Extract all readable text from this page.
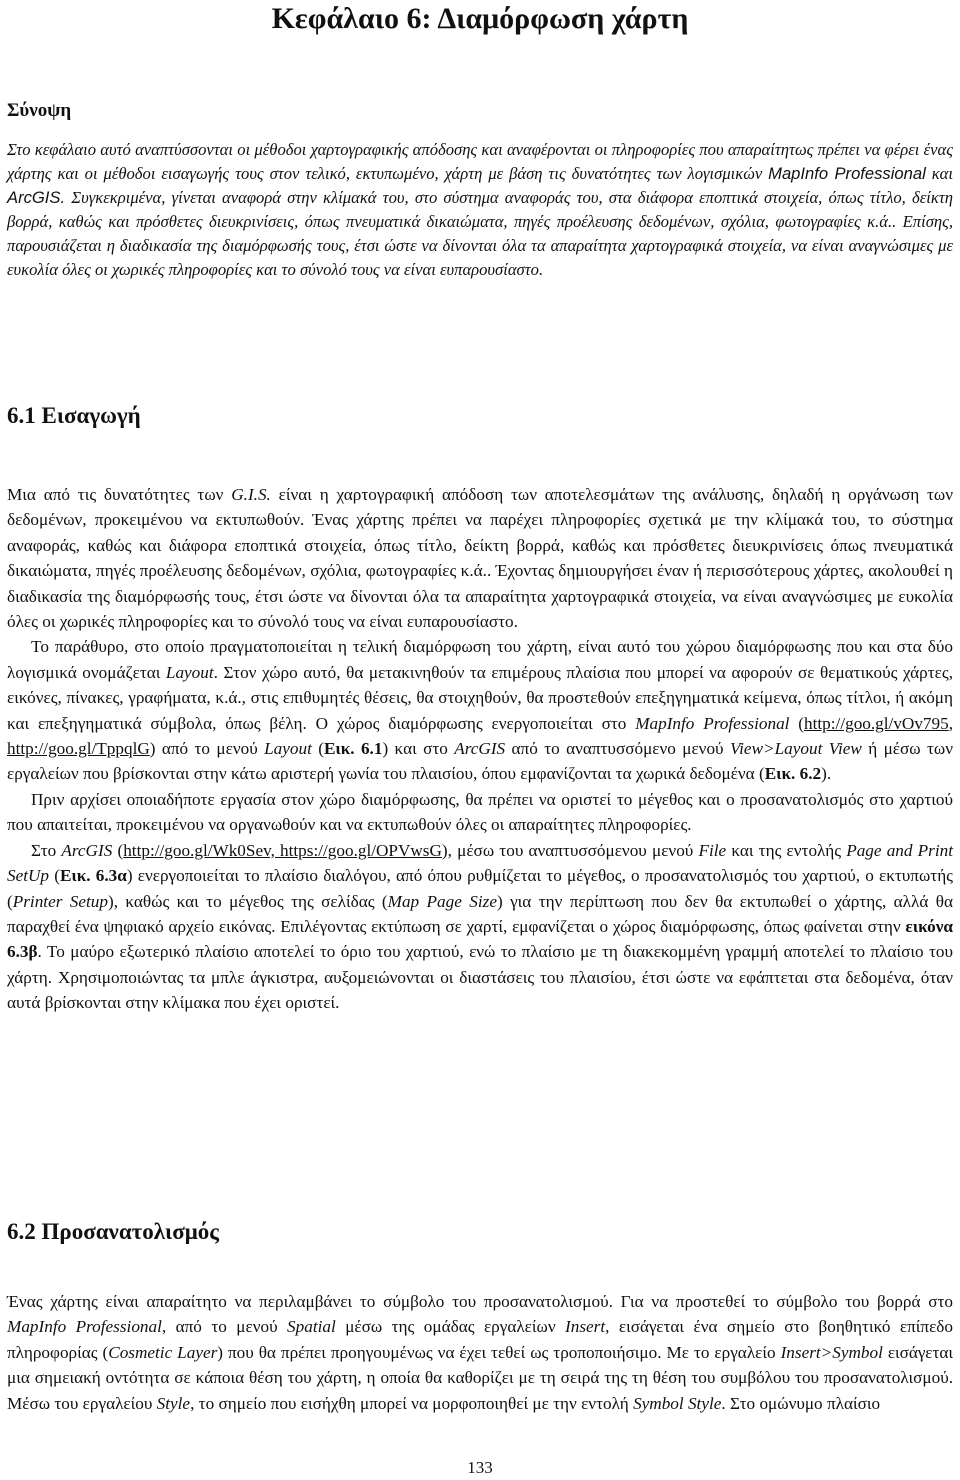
Κεφάλαιο 6: Διαμόρφωση χάρτη
Σύνοψη

Στο κεφάλαιο αυτό αναπτύσσονται οι μέθοδοι χαρτογραφικής απόδοσης και αναφέρονται οι πληροφορίες που απαραίτητως πρέπει να φέρει ένας χάρτης και οι μέθοδοι εισαγωγής τους στον τελικό, εκτυπωμένο, χάρτη με βάση τις δυνατότητες των λογισμικών MapInfo Professional και ArcGIS. Συγκεκριμένα, γίνεται αναφορά στην κλίμακά του, στο σύστημα αναφοράς του, στα διάφορα εποπτικά στοιχεία, όπως τίτλο, δείκτη βορρά, καθώς και πρόσθετες διευκρινίσεις, όπως πνευματικά δικαιώματα, πηγές προέλευσης δεδομένων, σχόλια, φωτογραφίες κ.ά.. Επίσης, παρουσιάζεται η διαδικασία της διαμόρφωσής τους, έτσι ώστε να δίνονται όλα τα απαραίτητα χαρτογραφικά στοιχεία, να είναι αναγνώσιμες με ευκολία όλες οι χωρικές πληροφορίες και το σύνολό τους να είναι ευπαρουσίαστο.

6.1 Εισαγωγή

Μια από τις δυνατότητες των G.I.S. είναι η χαρτογραφική απόδοση των αποτελεσμάτων της ανάλυσης, δηλαδή η οργάνωση των δεδομένων, προκειμένου να εκτυπωθούν. Ένας χάρτης πρέπει να παρέχει πληροφορίες σχετικά με την κλίμακά του, το σύστημα αναφοράς, καθώς και διάφορα εποπτικά στοιχεία, όπως τίτλο, δείκτη βορρά, καθώς και πρόσθετες διευκρινίσεις όπως πνευματικά δικαιώματα, πηγές προέλευσης δεδομένων, σχόλια, φωτογραφίες κ.ά.. Έχοντας δημιουργήσει έναν ή περισσότερους χάρτες, ακολουθεί η διαδικασία της διαμόρφωσής τους, έτσι ώστε να δίνονται όλα τα απαραίτητα χαρτογραφικά στοιχεία, να είναι αναγνώσιμες με ευκολία όλες οι χωρικές πληροφορίες και το σύνολό τους να είναι ευπαρουσίαστο.

Το παράθυρο, στο οποίο πραγματοποιείται η τελική διαμόρφωση του χάρτη, είναι αυτό του χώρου διαμόρφωσης που και στα δύο λογισμικά ονομάζεται Layout. Στον χώρο αυτό, θα μετακινηθούν τα επιμέρους πλαίσια που μπορεί να αφορούν σε θεματικούς χάρτες, εικόνες, πίνακες, γραφήματα, κ.ά., στις επιθυμητές θέσεις, θα στοιχηθούν, θα προστεθούν επεξηγηματικά κείμενα, όπως τίτλοι, ή ακόμη και επεξηγηματικά σύμβολα, όπως βέλη. Ο χώρος διαμόρφωσης ενεργοποιείται στο MapInfo Professional (http://goo.gl/vOv795, http://goo.gl/TppqlG) από το μενού Layout (Εικ. 6.1) και στο ArcGIS από το αναπτυσσόμενο μενού View>Layout View ή μέσω των εργαλείων που βρίσκονται στην κάτω αριστερή γωνία του πλαισίου, όπου εμφανίζονται τα χωρικά δεδομένα (Εικ. 6.2).

Πριν αρχίσει οποιαδήποτε εργασία στον χώρο διαμόρφωσης, θα πρέπει να οριστεί το μέγεθος και ο προσανατολισμός στο χαρτιού που απαιτείται, προκειμένου να οργανωθούν και να εκτυπωθούν όλες οι απαραίτητες πληροφορίες.

Στο ArcGIS (http://goo.gl/Wk0Sev, https://goo.gl/OPVwsG), μέσω του αναπτυσσόμενου μενού File και της εντολής Page and Print SetUp (Εικ. 6.3α) ενεργοποιείται το πλαίσιο διαλόγου, από όπου ρυθμίζεται το μέγεθος, ο προσανατολισμός του χαρτιού, ο εκτυπωτής (Printer Setup), καθώς και το μέγεθος της σελίδας (Map Page Size) για την περίπτωση που δεν θα εκτυπωθεί ο χάρτης, αλλά θα παραχθεί ένα ψηφιακό αρχείο εικόνας. Επιλέγοντας εκτύπωση σε χαρτί, εμφανίζεται ο χώρος διαμόρφωσης, όπως φαίνεται στην εικόνα 6.3β. Το μαύρο εξωτερικό πλαίσιο αποτελεί το όριο του χαρτιού, ενώ το πλαίσιο με τη διακεκομμένη γραμμή αποτελεί το πλαίσιο του χάρτη. Χρησιμοποιώντας τα μπλε άγκιστρα, αυξομειώνονται οι διαστάσεις του πλαισίου, έτσι ώστε να εφάπτεται στα δεδομένα, όταν αυτά βρίσκονται στην κλίμακα που έχει οριστεί.

6.2 Προσανατολισμός

Ένας χάρτης είναι απαραίτητο να περιλαμβάνει το σύμβολο του προσανατολισμού. Για να προστεθεί το σύμβολο του βορρά στο MapInfo Professional, από το μενού Spatial μέσω της ομάδας εργαλείων Insert, εισάγεται ένα σημείο στο βοηθητικό επίπεδο πληροφορίας (Cosmetic Layer) που θα πρέπει προηγουμένως να έχει τεθεί ως τροποποιήσιμο. Με το εργαλείο Insert>Symbol εισάγεται μια σημειακή οντότητα σε κάποια θέση του χάρτη, η οποία θα καθορίζει με τη σειρά της τη θέση του συμβόλου του προσανατολισμού. Μέσω του εργαλείου Style, το σημείο που εισήχθη μπορεί να μορφοποιηθεί με την εντολή Symbol Style. Στο ομώνυμο πλαίσιο

133
